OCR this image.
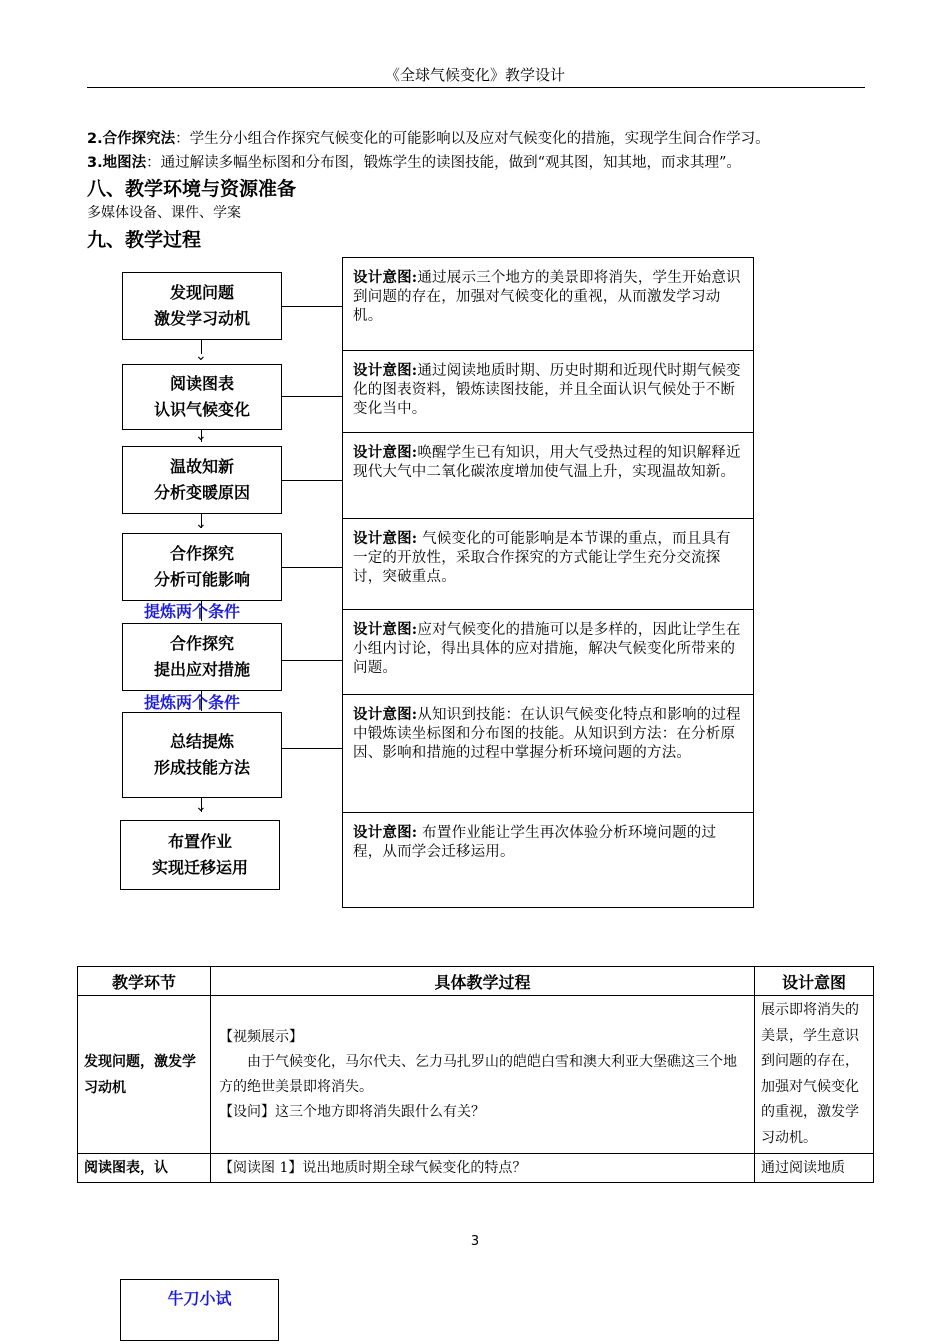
《全球气候变化》教学设计
2.合作探究法：学生分小组合作探究气候变化的可能影响以及应对气候变化的措施，实现学生间合作学习。
3.地图法：通过解读多幅坐标图和分布图，锻炼学生的读图技能，做到“观其图，知其地，而求其理”。
八、教学环境与资源准备
多媒体设备、课件、学案
九、教学过程
发现问题
激发学习动机
设计意图:通过展示三个地方的美景即将消失，学生开始意识到问题的存在，加强对气候变化的重视，从而激发学习动机。
⌄
阅读图表
认识气候变化
设计意图:通过阅读地质时期、历史时期和近现代时期气候变化的图表资料，锻炼读图技能，并且全面认识气候处于不断变化当中。
⌄
温故知新
分析变暖原因
设计意图:唤醒学生已有知识，用大气受热过程的知识解释近现代大气中二氧化碳浓度增加使气温上升，实现温故知新。
⌄
合作探究
分析可能影响
设计意图: 气候变化的可能影响是本节课的重点，而且具有一定的开放性，采取合作探究的方式能让学生充分交流探讨，突破重点。
提炼两个条件
合作探究
提出应对措施
设计意图:应对气候变化的措施可以是多样的，因此让学生在小组内讨论，得出具体的应对措施，解决气候变化所带来的问题。
提炼两个条件
总结提炼
形成技能方法
设计意图:从知识到技能：在认识气候变化特点和影响的过程中锻炼读坐标图和分布图的技能。从知识到方法：在分析原因、影响和措施的过程中掌握分析环境问题的方法。
⌄
布置作业
实现迁移运用
设计意图: 布置作业能让学生再次体验分析环境问题的过程，从而学会迁移运用。
教学环节	具体教学过程	设计意图
发现问题，激发学习动机	【视频展示】
由于气候变化，马尔代夫、乞力马扎罗山的皑皑白雪和澳大利亚大堡礁这三个地方的绝世美景即将消失。
【设问】这三个地方即将消失跟什么有关？	展示即将消失的美景，学生意识到问题的存在，加强对气候变化的重视，激发学习动机。
阅读图表，认	【阅读图 1】说出地质时期全球气候变化的特点？	通过阅读地质
3
牛刀小试
